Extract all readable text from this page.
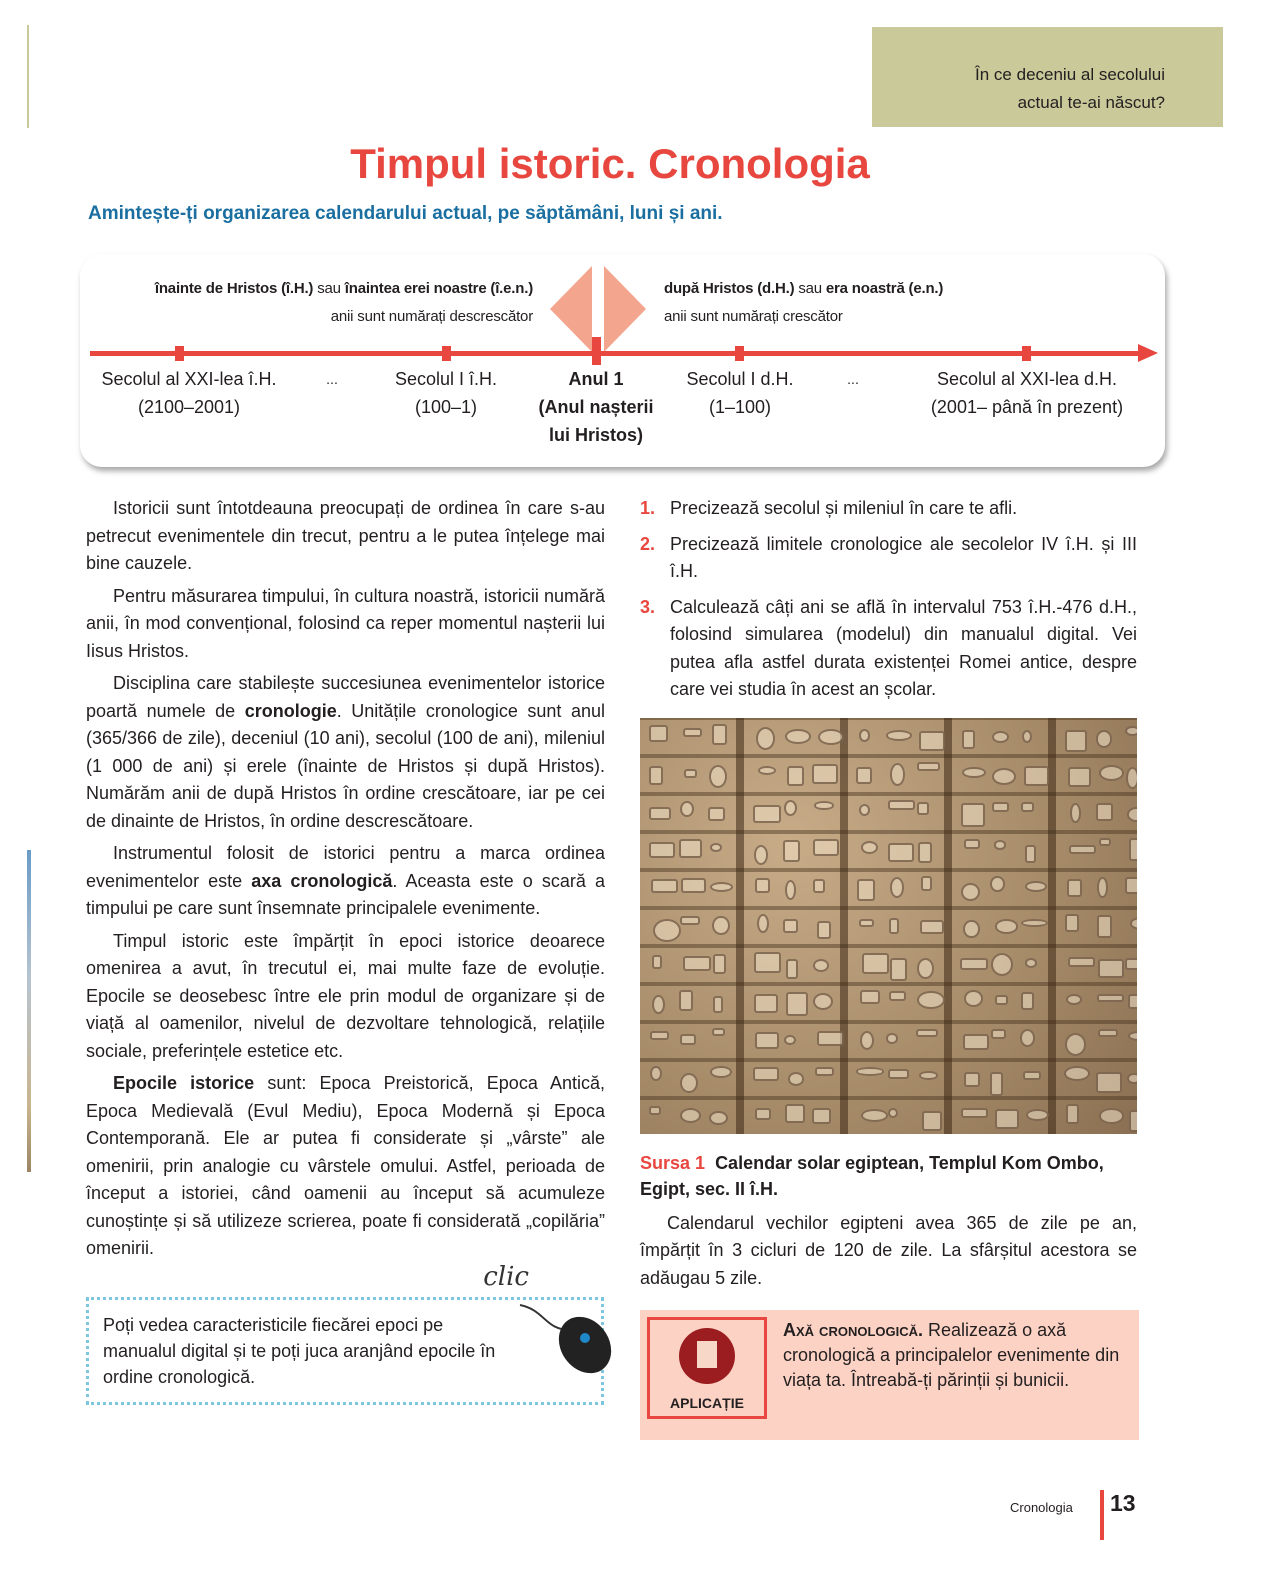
În ce deceniu al secolului
actual te-ai născut?
Timpul istoric. Cronologia
Amintește-ți organizarea calendarului actual, pe săptămâni, luni și ani.
înainte de Hristos (î.H.) sau înaintea erei noastre (î.e.n.)
anii sunt numărați descrescător
după Hristos (d.H.) sau era noastră (e.n.)
anii sunt numărați crescător
Secolul al XXI-lea î.H.
(2100–2001)
...	Secolul I î.H.
(100–1)
Anul 1
(Anul nașterii
lui Hristos)
Secolul I d.H.
(1–100)
...	Secolul al XXI-lea d.H.
(2001– până în prezent)

Istoricii sunt întotdeauna preocupați de ordinea în care s-au petrecut evenimentele din trecut, pentru a le putea înțelege mai bine cauzele.

Pentru măsurarea timpului, în cultura noastră, istoricii numără anii, în mod convențional, folosind ca reper momentul nașterii lui Iisus Hristos.

Disciplina care stabilește succesiunea evenimentelor istorice poartă numele de cronologie. Unitățile cronologice sunt anul (365/366 de zile), deceniul (10 ani), secolul (100 de ani), mileniul (1 000 de ani) și erele (înainte de Hristos și după Hristos). Numărăm anii de după Hristos în ordine crescătoare, iar pe cei de dinainte de Hristos, în ordine descrescătoare.

Instrumentul folosit de istorici pentru a marca ordinea evenimentelor este axa cronologică. Aceasta este o scară a timpului pe care sunt însemnate principalele evenimente.

Timpul istoric este împărțit în epoci istorice deoarece omenirea a avut, în trecutul ei, mai multe faze de evoluție. Epocile se deosebesc între ele prin modul de organizare și de viață al oamenilor, nivelul de dezvoltare tehnologică, relațiile sociale, preferințele estetice etc.

Epocile istorice sunt: Epoca Preistorică, Epoca Antică, Epoca Medievală (Evul Mediu), Epoca Modernă și Epoca Contemporană. Ele ar putea fi considerate și „vârste” ale omenirii, prin analogie cu vârstele omului. Astfel, perioada de început a istoriei, când oamenii au început să acumuleze cunoștințe și să utilizeze scrierea, poate fi considerată „copilăria” omenirii.

Poți vedea caracteristicile fiecărei epoci pe manualul digital și te poți juca aranjând epocile în ordine cronologică.
clic
1. Precizează secolul și mileniul în care te afli.
2. Precizează limitele cronologice ale secolelor IV î.H. și III î.H.
3. Calculează câți ani se află în intervalul 753 î.H.-476 d.H., folosind simularea (modelul) din manualul digital. Vei putea afla astfel durata existenței Romei antice, despre care vei studia în acest an școlar.
Sursa 1 Calendar solar egiptean, Templul Kom Ombo, Egipt, sec. II î.H.

Calendarul vechilor egipteni avea 365 de zile pe an, împărțit în 3 cicluri de 120 de zile. La sfârșitul acestora se adăugau 5 zile.

APLICAȚIE
Axă cronologică. Realizează o axă cronologică a principalelor evenimente din viața ta. Întreabă-ți părinții și bunicii.
Cronologia 13
